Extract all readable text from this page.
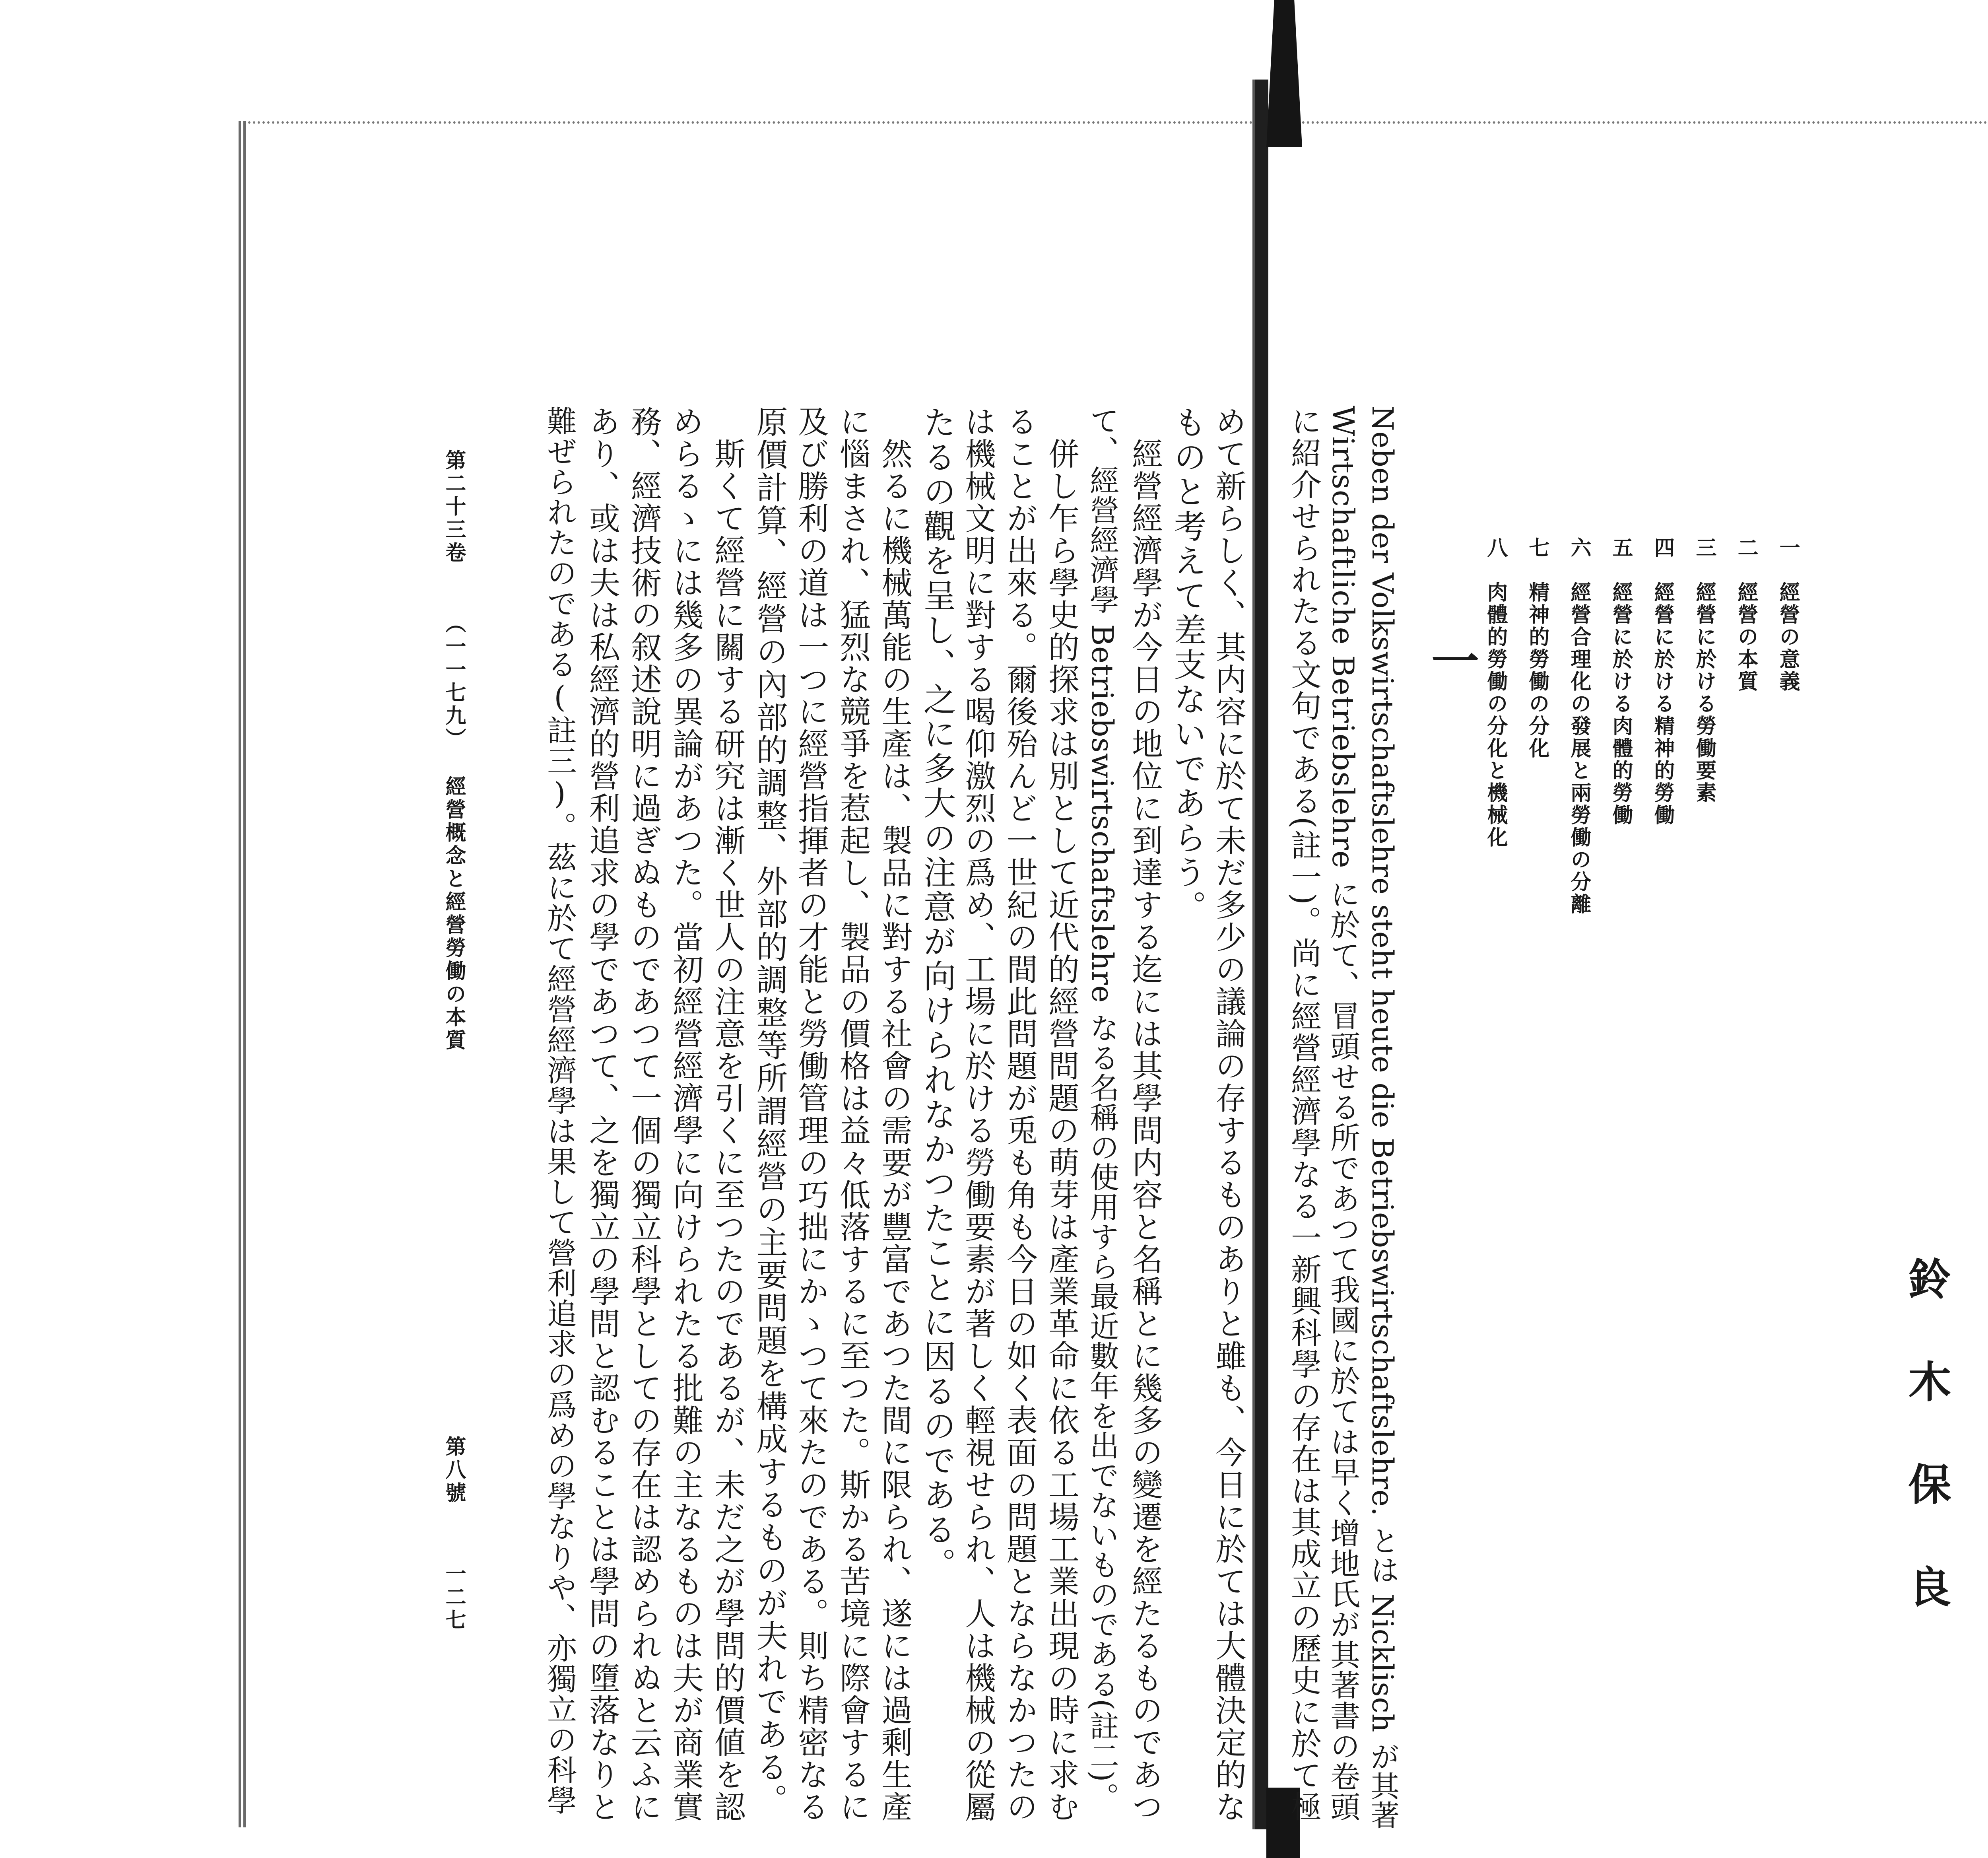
鈴木保良
一　經營の意義
二　經營の本質
三　經營に於ける勞働要素
四　經營に於ける精神的勞働
五　經營に於ける肉體的勞働
六　經營合理化の發展と兩勞働の分離
七　精神的勞働の分化
八　肉體的勞働の分化と機械化
一
Neben der Volkswirtschaftslehre steht heute die Betriebswirtschaftslehre. とは Nicklisch が其著
Wirtschaftliche Betriebslehre に於て、冒頭せる所であつて我國に於ては早く增地氏が其著書の卷頭
に紹介せられたる文句である(註一)。尚に經營經濟學なる一新興科學の存在は其成立の歷史に於て極
めて新らしく、其内容に於て未だ多少の議論の存するものありと雖も、今日に於ては大體決定的な
ものと考えて差支ないであらう。
　經營經濟學が今日の地位に到達する迄には其學問内容と名稱とに幾多の變遷を經たるものであつ
て、經營經濟學 Betriebswirtschaftslehre なる名稱の使用すら最近數年を出でないものである(註二)。
　併し乍ら學史的探求は別として近代的經營問題の萌芽は產業革命に依る工場工業出現の時に求む
ることが出來る。爾後殆んど一世紀の間此問題が兎も角も今日の如く表面の問題とならなかつたの
は機械文明に對する喝仰激烈の爲め、工場に於ける勞働要素が著しく輕視せられ、人は機械の從屬
たるの觀を呈し、之に多大の注意が向けられなかつたことに因るのである。
　然るに機械萬能の生產は、製品に對する社會の需要が豐富であつた間に限られ、遂には過剩生產
に惱まされ、猛烈な競爭を惹起し、製品の價格は益々低落するに至つた。斯かる苦境に際會するに
及び勝利の道は一つに經營指揮者の才能と勞働管理の巧拙にかゝつて來たのである。則ち精密なる
原價計算、經營の內部的調整、外部的調整等所謂經營の主要問題を構成するものが夫れである。
　斯くて經營に關する研究は漸く世人の注意を引くに至つたのであるが、未だ之が學問的價値を認
めらるゝには幾多の異論があつた。當初經營經濟學に向けられたる批難の主なるものは夫が商業實
務、經濟技術の叙述說明に過ぎぬものであつて一個の獨立科學としての存在は認められぬと云ふに
あり、或は夫は私經濟的營利追求の學であつて、之を獨立の學問と認むることは學問の墮落なりと
難ぜられたのである(註三)。茲に於て經營經濟學は果して營利追求の爲めの學なりや、亦獨立の科學
第二十三卷
（一一七九）
經營概念と經營勞働の本質
第八號
一二七
